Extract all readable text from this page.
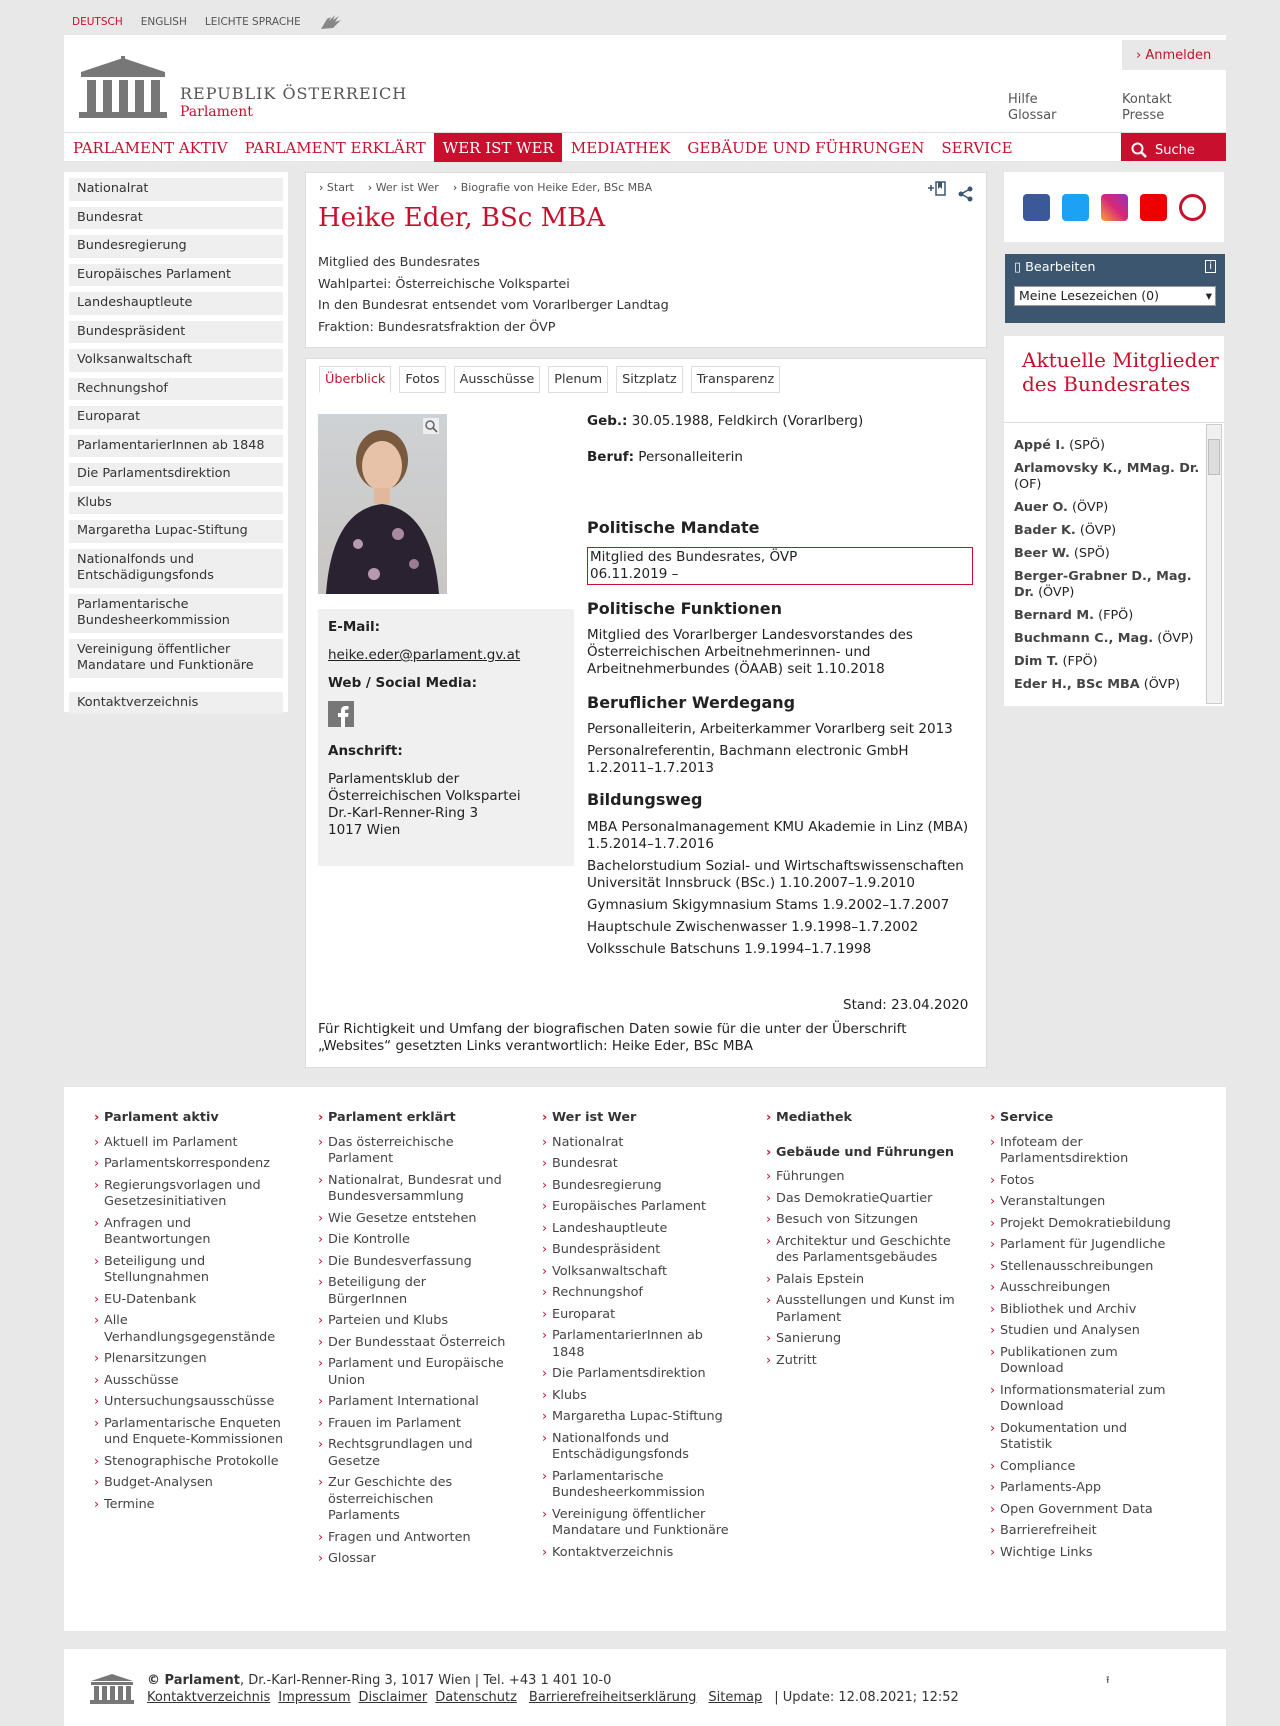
DEUTSCH ENGLISH LEICHTE SPRACHE
REPUBLIK ÖSTERREICH
Parlament
› Anmelden
Hilfe
Glossar
Kontakt
Presse
PARLAMENT AKTIV	PARLAMENT ERKLÄRT	WER IST WER	MEDIATHEK	GEBÄUDE UND FÜHRUNGEN	SERVICE	Suche
Nationalrat
Bundesrat
Bundesregierung
Europäisches Parlament
Landeshauptleute
Bundespräsident
Volksanwaltschaft
Rechnungshof
Europarat
ParlamentarierInnen ab 1848
Die Parlamentsdirektion
Klubs
Margaretha Lupac-Stiftung
Nationalfonds und Entschädigungsfonds
Parlamentarische Bundesheerkommission
Vereinigung öffentlicher Mandatare und Funktionäre
Kontaktverzeichnis
› Start	› Wer ist Wer	› Biografie von Heike Eder, BSc MBA
Heike Eder, BSc MBA
Mitglied des Bundesrates
Wahlpartei: Österreichische Volkspartei
In den Bundesrat entsendet vom Vorarlberger Landtag
Fraktion: Bundesratsfraktion der ÖVP
Überblick	Fotos	Ausschüsse	Plenum	Sitzplatz	Transparenz
E-Mail:
heike.eder@parlament.gv.at
Web / Social Media:
Anschrift:
Parlamentsklub der
Österreichischen Volkspartei
Dr.-Karl-Renner-Ring 3
1017 Wien
Geb.: 30.05.1988, Feldkirch (Vorarlberg)
Beruf: Personalleiterin
Politische Mandate
Mitglied des Bundesrates, ÖVP
06.11.2019 –
Politische Funktionen
Mitglied des Vorarlberger Landesvorstandes des Österreichischen Arbeitnehmerinnen- und Arbeitnehmerbundes (ÖAAB) seit 1.10.2018
Beruflicher Werdegang
Personalleiterin, Arbeiterkammer Vorarlberg seit 2013
Personalreferentin, Bachmann electronic GmbH 1.2.2011–1.7.2013
Bildungsweg
MBA Personalmanagement KMU Akademie in Linz (MBA) 1.5.2014–1.7.2016
Bachelorstudium Sozial- und Wirtschaftswissenschaften Universität Innsbruck (BSc.) 1.10.2007–1.9.2010
Gymnasium Skigymnasium Stams 1.9.2002–1.7.2007
Hauptschule Zwischenwasser 1.9.1998–1.7.2002
Volksschule Batschuns 1.9.1994–1.7.1998
Stand: 23.04.2020
Für Richtigkeit und Umfang der biografischen Daten sowie für die unter der Überschrift „Websites“ gesetzten Links verantwortlich: Heike Eder, BSc MBA
▯ Bearbeiten	i
Meine Lesezeichen (0)	▾
Aktuelle Mitglieder des Bundesrates
Appé I. (SPÖ)
Arlamovsky K., MMag. Dr. (OF)
Auer O. (ÖVP)
Bader K. (ÖVP)
Beer W. (SPÖ)
Berger-Grabner D., Mag. Dr. (ÖVP)
Bernard M. (FPÖ)
Buchmann C., Mag. (ÖVP)
Dim T. (FPÖ)
Eder H., BSc MBA (ÖVP)
› Parlament aktiv
› Aktuell im Parlament
› Parlamentskorrespondenz
› Regierungsvorlagen und Gesetzesinitiativen
› Anfragen und Beantwortungen
› Beteiligung und Stellungnahmen
› EU-Datenbank
› Alle Verhandlungsgegenstände
› Plenarsitzungen
› Ausschüsse
› Untersuchungsausschüsse
› Parlamentarische Enqueten und Enquete-Kommissionen
› Stenographische Protokolle
› Budget-Analysen
› Termine
› Parlament erklärt
› Das österreichische Parlament
› Nationalrat, Bundesrat und Bundesversammlung
› Wie Gesetze entstehen
› Die Kontrolle
› Die Bundesverfassung
› Beteiligung der BürgerInnen
› Parteien und Klubs
› Der Bundesstaat Österreich
› Parlament und Europäische Union
› Parlament International
› Frauen im Parlament
› Rechtsgrundlagen und Gesetze
› Zur Geschichte des österreichischen Parlaments
› Fragen und Antworten
› Glossar
› Wer ist Wer
› Nationalrat
› Bundesrat
› Bundesregierung
› Europäisches Parlament
› Landeshauptleute
› Bundespräsident
› Volksanwaltschaft
› Rechnungshof
› Europarat
› ParlamentarierInnen ab 1848
› Die Parlamentsdirektion
› Klubs
› Margaretha Lupac-Stiftung
› Nationalfonds und Entschädigungsfonds
› Parlamentarische Bundesheerkommission
› Vereinigung öffentlicher Mandatare und Funktionäre
› Kontaktverzeichnis
› Mediathek
› Gebäude und Führungen
› Führungen
› Das DemokratieQuartier
› Besuch von Sitzungen
› Architektur und Geschichte des Parlamentsgebäudes
› Palais Epstein
› Ausstellungen und Kunst im Parlament
› Sanierung
› Zutritt
› Service
› Infoteam der Parlamentsdirektion
› Fotos
› Veranstaltungen
› Projekt Demokratiebildung
› Parlament für Jugendliche
› Stellenausschreibungen
› Ausschreibungen
› Bibliothek und Archiv
› Studien und Analysen
› Publikationen zum Download
› Informationsmaterial zum Download
› Dokumentation und Statistik
› Compliance
› Parlaments-App
› Open Government Data
› Barrierefreiheit
› Wichtige Links
© Parlament, Dr.-Karl-Renner-Ring 3, 1017 Wien | Tel. +43 1 401 10-0
Kontaktverzeichnis Impressum Disclaimer Datenschutz Barrierefreiheitserklärung Sitemap | Update: 12.08.2021; 12:52
⭱
